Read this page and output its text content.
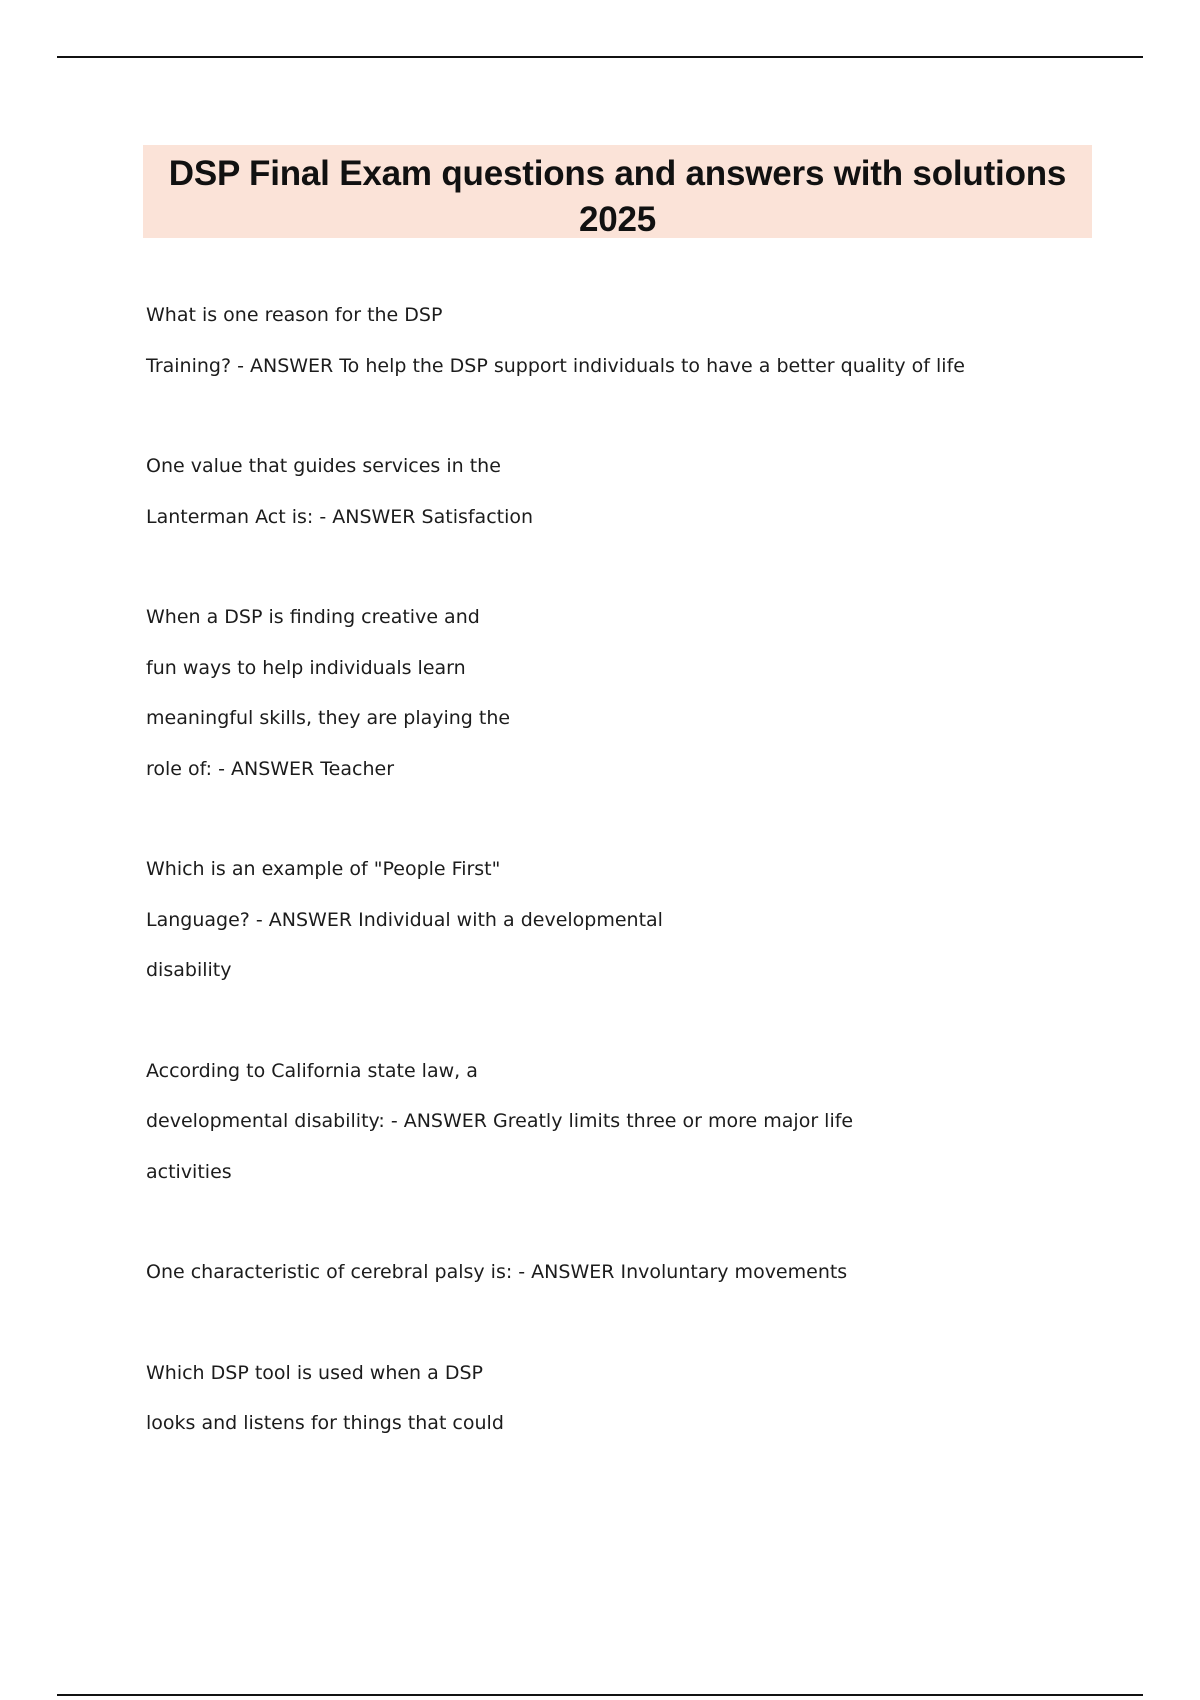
DSP Final Exam questions and answers with solutions
2025
What is one reason for the DSP
Training? - ANSWER To help the DSP support individuals to have a better quality of life
One value that guides services in the
Lanterman Act is: - ANSWER Satisfaction
When a DSP is finding creative and
fun ways to help individuals learn
meaningful skills, they are playing the
role of: - ANSWER Teacher
Which is an example of "People First"
Language? - ANSWER Individual with a developmental
disability
According to California state law, a
developmental disability: - ANSWER Greatly limits three or more major life
activities
One characteristic of cerebral palsy is: - ANSWER Involuntary movements
Which DSP tool is used when a DSP
looks and listens for things that could
